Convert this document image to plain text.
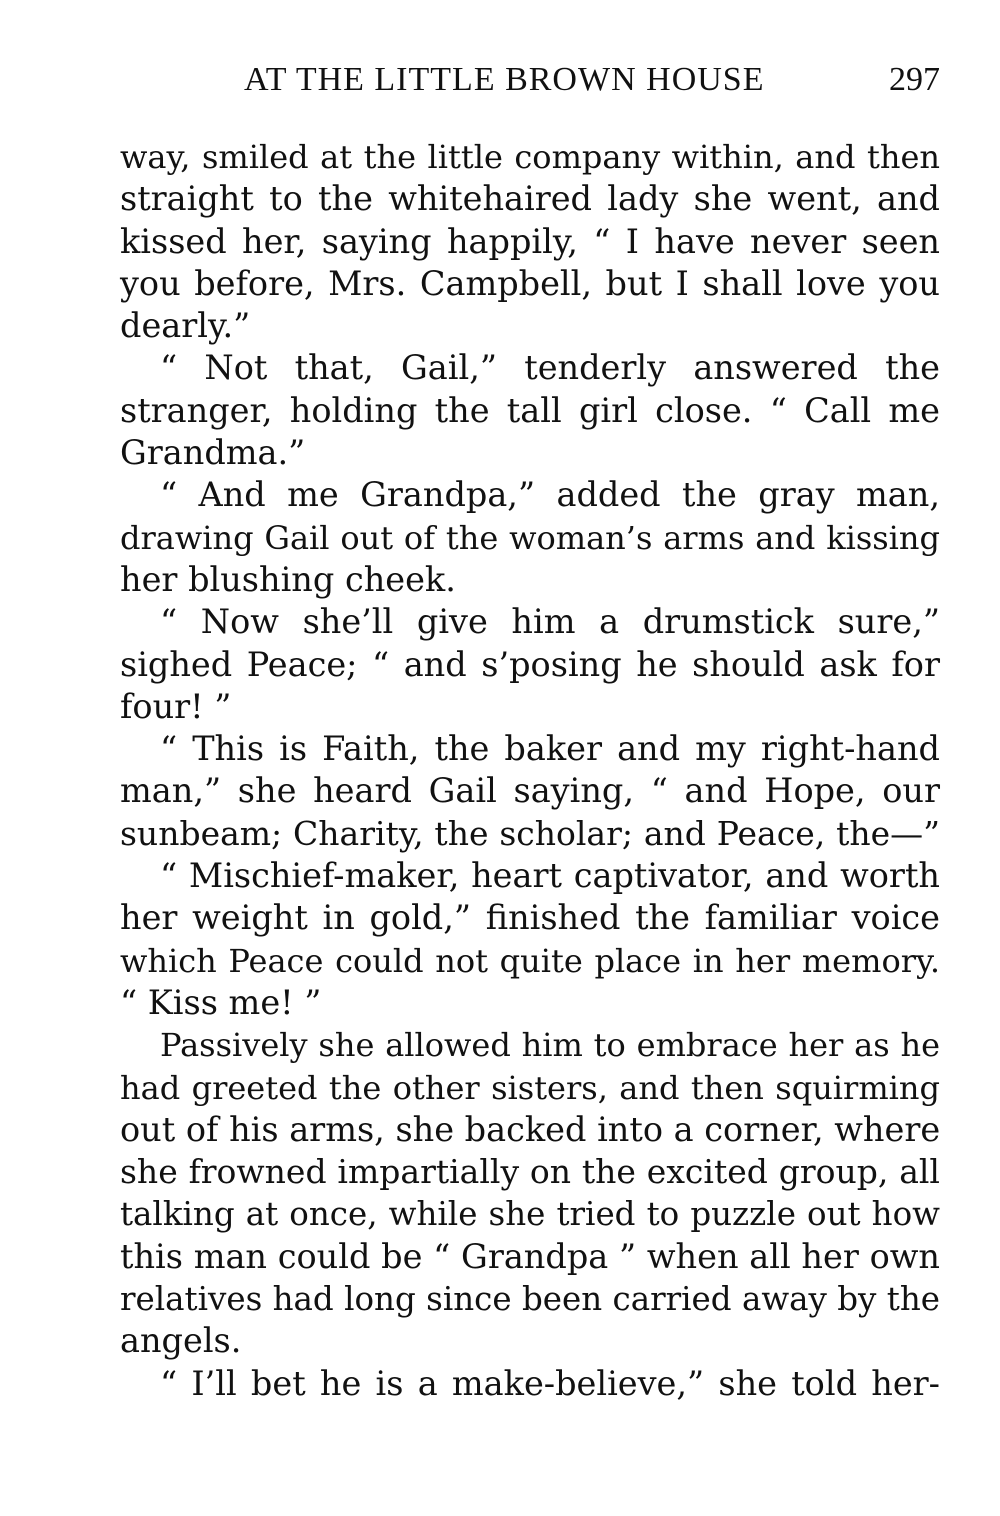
AT THE LITTLE BROWN HOUSE	297
way, smiled at the little company within, and then
straight to the whitehaired lady she went, and
kissed her, saying happily, “ I have never seen
you before, Mrs. Campbell, but I shall love you
dearly.”
“ Not that, Gail,” tenderly answered the
stranger, holding the tall girl close. “ Call me
Grandma.”
“ And me Grandpa,” added the gray man,
drawing Gail out of the woman’s arms and kissing
her blushing cheek.
“ Now she’ll give him a drumstick sure,”
sighed Peace; “ and s’posing he should ask for
four! ”
“ This is Faith, the baker and my right-hand
man,” she heard Gail saying, “ and Hope, our
sunbeam; Charity, the scholar; and Peace, the—”
“ Mischief-maker, heart captivator, and worth
her weight in gold,” finished the familiar voice
which Peace could not quite place in her memory.
“ Kiss me! ”
Passively she allowed him to embrace her as he
had greeted the other sisters, and then squirming
out of his arms, she backed into a corner, where
she frowned impartially on the excited group, all
talking at once, while she tried to puzzle out how
this man could be “ Grandpa ” when all her own
relatives had long since been carried away by the
angels.
“ I’ll bet he is a make-believe,” she told her-
